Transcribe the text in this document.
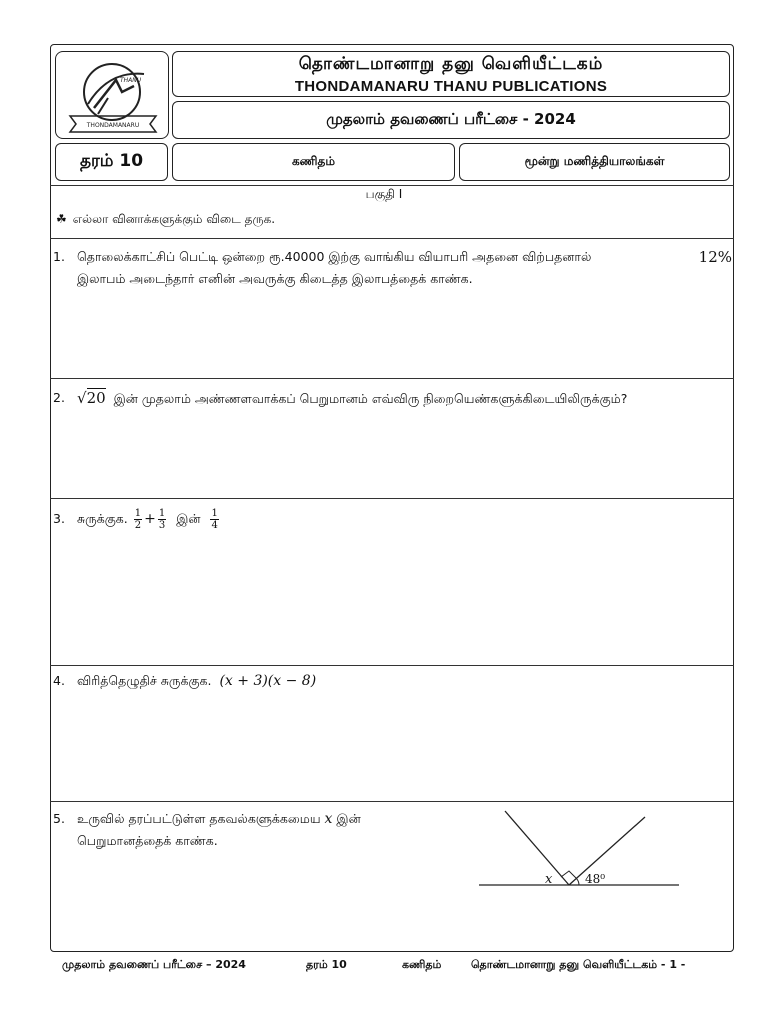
THANU
THONDAMANARU
தொண்டமானாறு தனு வெளியீட்டகம்
THONDAMANARU THANU PUBLICATIONS
முதலாம் தவணைப் பரீட்சை - 2024
தரம் 10	கணிதம்	மூன்று மணித்தியாலங்கள்
பகுதி I
☘ எல்லா வினாக்களுக்கும் விடை தருக.
1. தொலைக்காட்சிப் பெட்டி ஒன்றை ரூ.40000 இற்கு வாங்கிய வியாபரி அதனை விற்பதனால்	12%
இலாபம் அடைந்தார் எனின் அவருக்கு கிடைத்த இலாபத்தைக் காண்க.
2. √20 இன் முதலாம் அண்ணளவாக்கப் பெறுமானம் எவ்விரு நிறையெண்களுக்கிடையிலிருக்கும்?
3. சுருக்குக. $\frac{1}{2} + \frac{1}{3}$ இன் $\frac{1}{4}$
4. விரித்தெழுதிச் சுருக்குக. (x + 3)(x − 8)
5. உருவில் தரப்பட்டுள்ள தகவல்களுக்கமைய x இன்
பெறுமானத்தைக் காண்க.
x	48⁰
முதலாம் தவணைப் பரீட்சை – 2024	தரம் 10	கணிதம்	தொண்டமானாறு தனு வெளியீட்டகம் - 1 -
